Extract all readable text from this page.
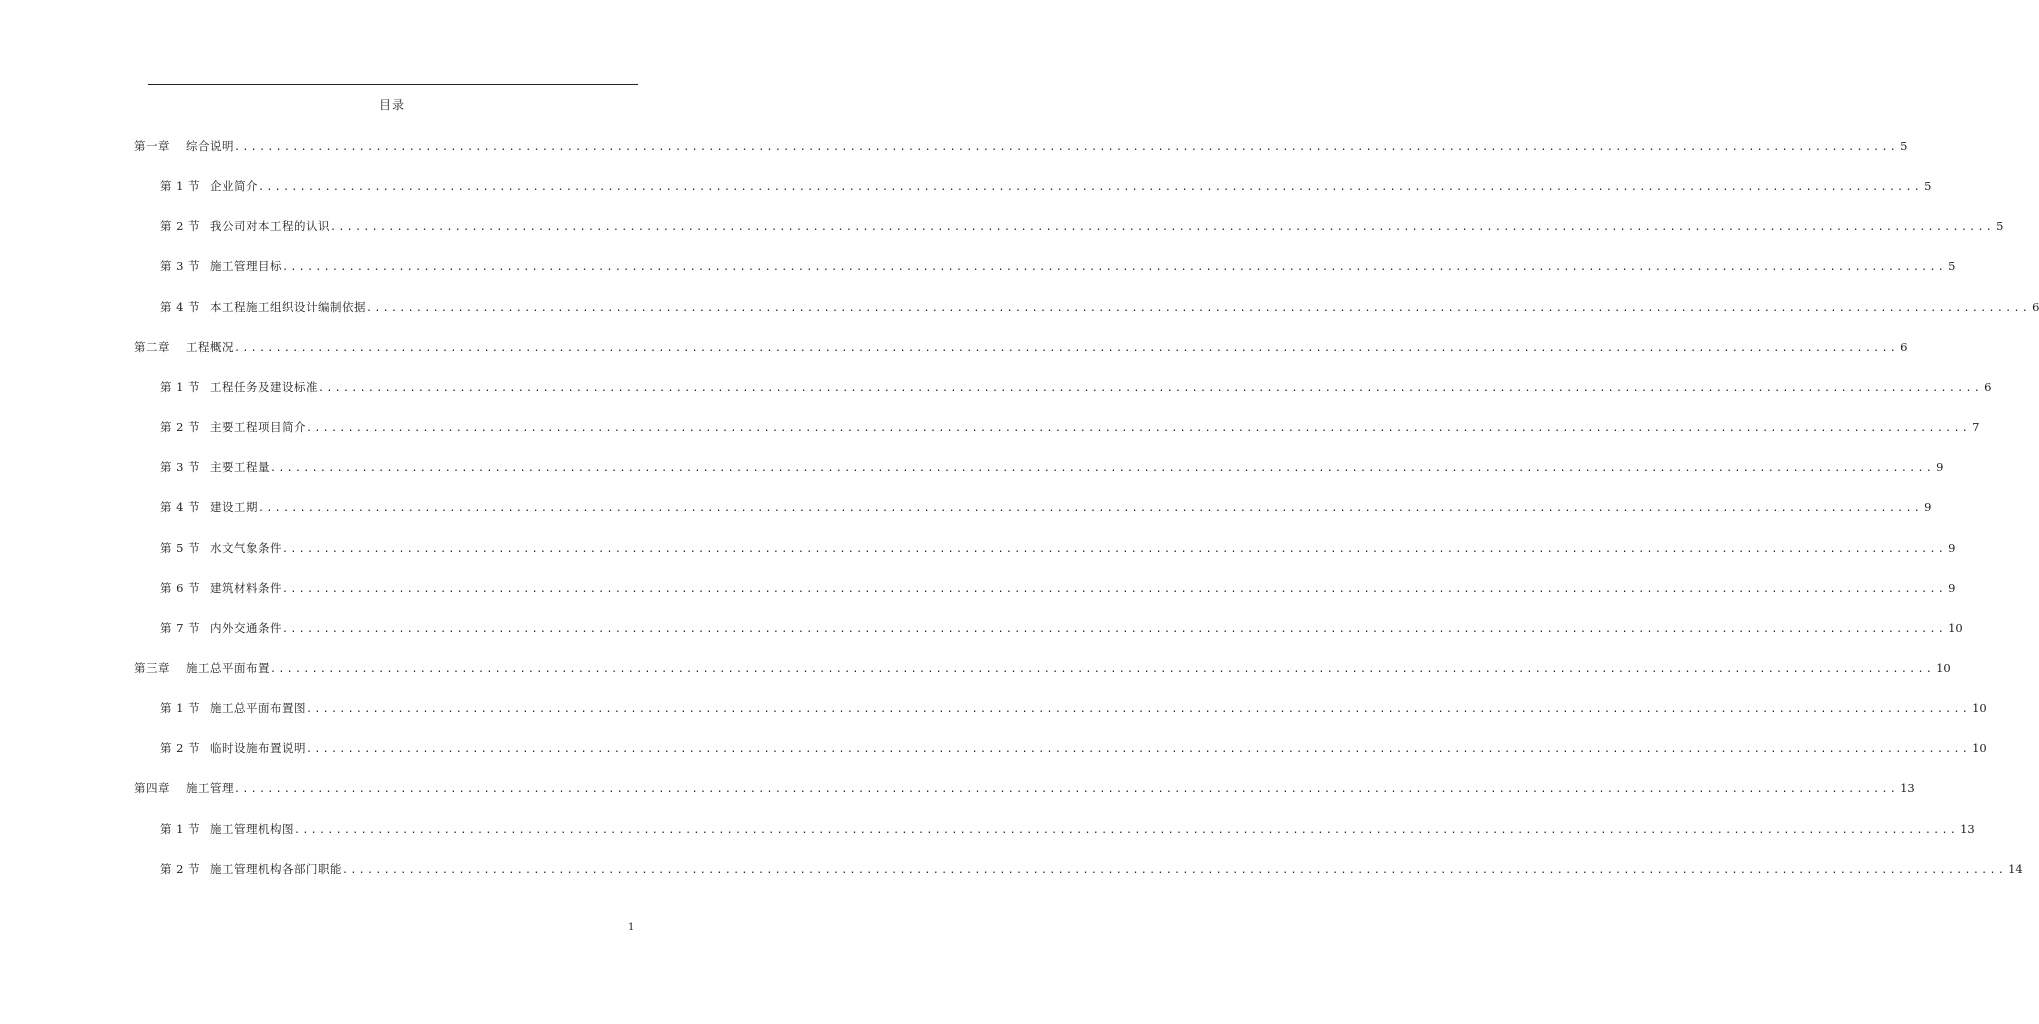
目录
第一章	综合说明 ........................................................................................................................................................................................................ 5
第 1 节 企业简介 ........................................................................................................................................................................................................ 5
第 2 节 我公司对本工程的认识 ........................................................................................................................................................................................................ 5
第 3 节 施工管理目标 ........................................................................................................................................................................................................ 5
第 4 节 本工程施工组织设计编制依据 ........................................................................................................................................................................................................ 6
第二章	工程概况 ........................................................................................................................................................................................................ 6
第 1 节 工程任务及建设标准 ........................................................................................................................................................................................................ 6
第 2 节 主要工程项目简介 ........................................................................................................................................................................................................ 7
第 3 节 主要工程量 ........................................................................................................................................................................................................ 9
第 4 节 建设工期 ........................................................................................................................................................................................................ 9
第 5 节 水文气象条件 ........................................................................................................................................................................................................ 9
第 6 节 建筑材料条件 ........................................................................................................................................................................................................ 9
第 7 节 内外交通条件 ........................................................................................................................................................................................................ 10
第三章	施工总平面布置 ........................................................................................................................................................................................................ 10
第 1 节 施工总平面布置图 ........................................................................................................................................................................................................ 10
第 2 节 临时设施布置说明 ........................................................................................................................................................................................................ 10
第四章	施工管理 ........................................................................................................................................................................................................ 13
第 1 节 施工管理机构图 ........................................................................................................................................................................................................ 13
第 2 节 施工管理机构各部门职能 ........................................................................................................................................................................................................ 14
1
